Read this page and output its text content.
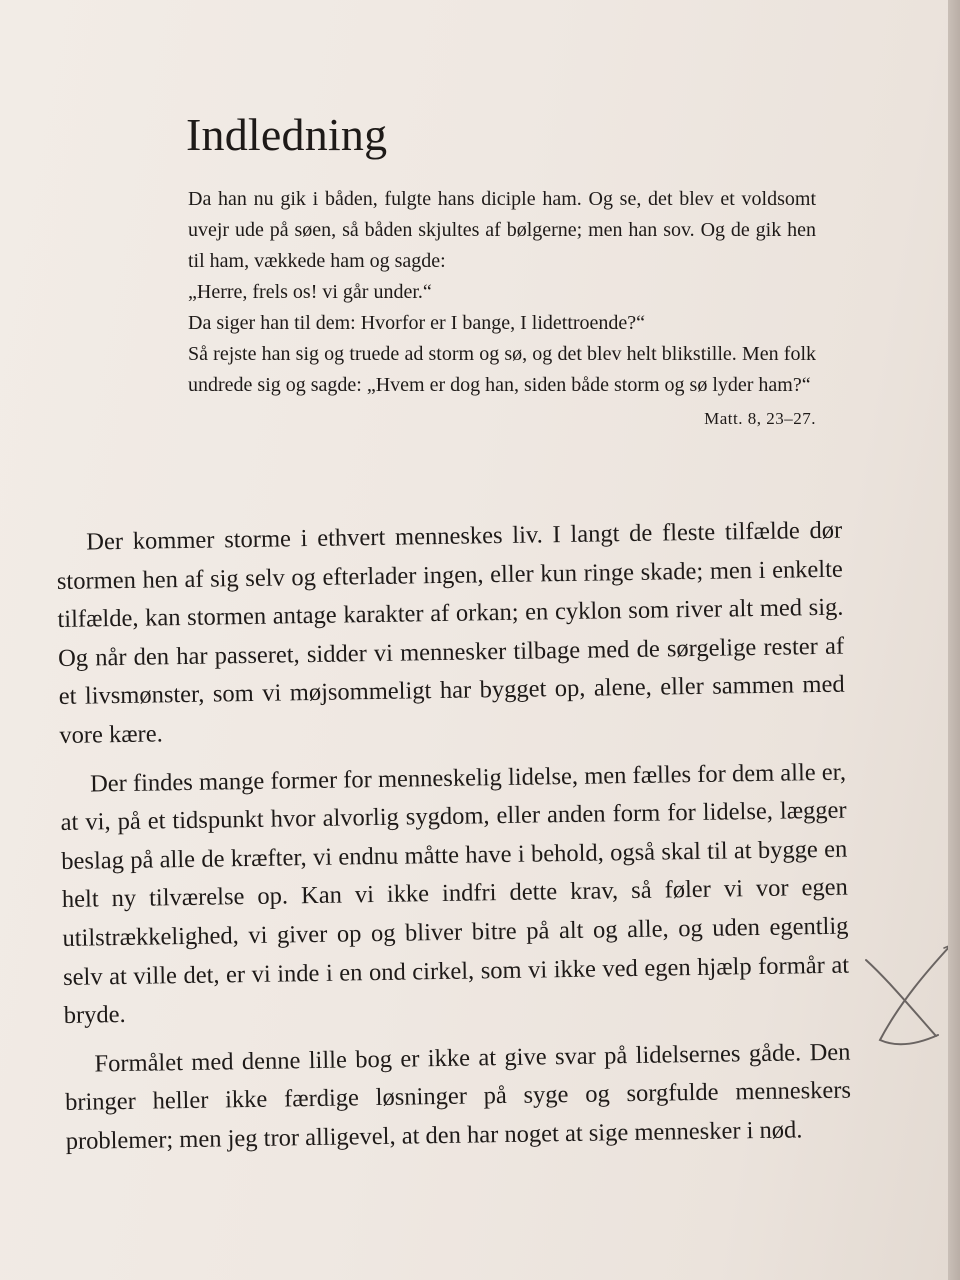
Indledning

Da han nu gik i båden, fulgte hans diciple ham. Og se, det blev et voldsomt uvejr ude på søen, så båden skjultes af bølgerne; men han sov. Og de gik hen til ham, vækkede ham og sagde:

„Herre, frels os! vi går under.“

Da siger han til dem: Hvorfor er I bange, I lidettroende?“

Så rejste han sig og truede ad storm og sø, og det blev helt blikstille. Men folk undrede sig og sagde: „Hvem er dog han, siden både storm og sø lyder ham?“

Matt. 8, 23–27.

Der kommer storme i ethvert menneskes liv. I langt de fleste tilfælde dør stormen hen af sig selv og efterlader ingen, eller kun ringe skade; men i enkelte tilfælde, kan stormen antage karakter af orkan; en cyklon som river alt med sig. Og når den har passeret, sidder vi mennesker tilbage med de sørgelige rester af et livsmønster, som vi møjsommeligt har bygget op, alene, eller sammen med vore kære.

Der findes mange former for menneskelig lidelse, men fælles for dem alle er, at vi, på et tidspunkt hvor alvorlig sygdom, eller anden form for lidelse, lægger beslag på alle de kræfter, vi endnu måtte have i behold, også skal til at bygge en helt ny tilværelse op. Kan vi ikke indfri dette krav, så føler vi vor egen utilstrækkelighed, vi giver op og bliver bitre på alt og alle, og uden egentlig selv at ville det, er vi inde i en ond cirkel, som vi ikke ved egen hjælp formår at bryde.

Formålet med denne lille bog er ikke at give svar på lidelsernes gåde. Den bringer heller ikke færdige løsninger på syge og sorgfulde menneskers problemer; men jeg tror alligevel, at den har noget at sige mennesker i nød.
